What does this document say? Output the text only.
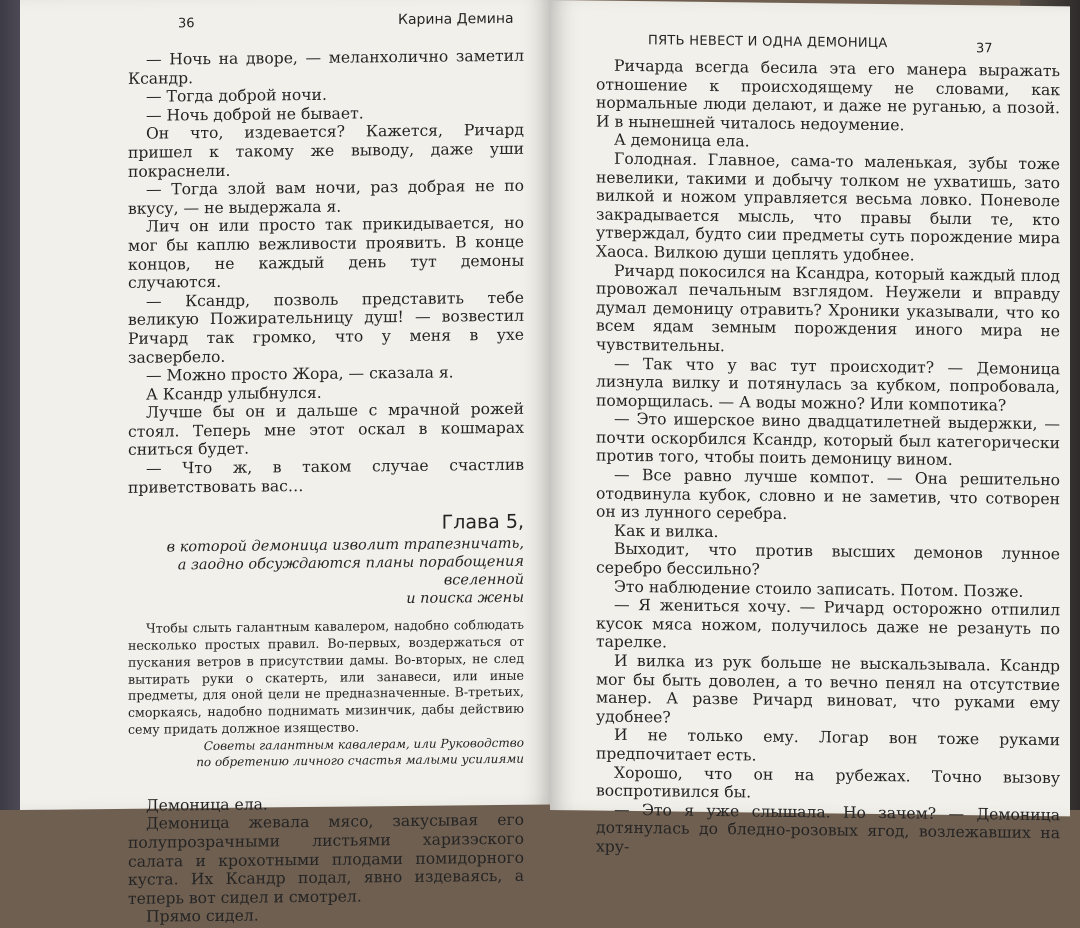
36	Карина Демина

— Ночь на дворе, — меланхолично заметил Ксандр.

— Тогда доброй ночи.

— Ночь доброй не бывает.

Он что, издевается? Кажется, Ричард пришел к такому же выводу, даже уши покраснели.

— Тогда злой вам ночи, раз добрая не по вкусу, — не выдержала я.

Лич он или просто так прикидывается, но мог бы каплю вежливости проявить. В конце концов, не каждый день тут демоны случаются.

— Ксандр, позволь представить тебе великую Пожирательницу душ! — возвестил Ричард так громко, что у меня в ухе засвербело.

— Можно просто Жора, — сказала я.

А Ксандр улыбнулся.

Лучше бы он и дальше с мрачной рожей стоял. Теперь мне этот оскал в кошмарах сниться будет.

— Что ж, в таком случае счастлив приветствовать вас…

Глава 5,
в которой демоница изволит трапезничать,
а заодно обсуждаются планы порабощения вселенной
и поиска жены
Чтобы слыть галантным кавалером, надобно соблюдать несколько простых правил. Во-первых, воздержаться от пускания ветров в присутствии дамы. Во-вторых, не след вытирать руки о скатерть, или занавеси, или иные предметы, для оной цели не предназначенные. В-третьих, сморкаясь, надобно поднимать мизинчик, дабы действию сему придать должное изящество.
Советы галантным кавалерам, или Руководство
по обретению личного счастья малыми усилиями

Демоница ела.

Демоница жевала мясо, закусывая его полупрозрачными листьями харизэского салата и крохотными плодами помидорного куста. Их Ксандр подал, явно издеваясь, а теперь вот сидел и смотрел.

Прямо сидел.

ПЯТЬ НЕВЕСТ И ОДНА ДЕМОНИЦА	37

Ричарда всегда бесила эта его манера выражать отношение к происходящему не словами, как нормальные люди делают, и даже не руганью, а позой. И в нынешней читалось недоумение.

А демоница ела.

Голодная. Главное, сама-то маленькая, зубы тоже невелики, такими и добычу толком не ухватишь, зато вилкой и ножом управляется весьма ловко. Поневоле закрадывается мысль, что правы были те, кто утверждал, будто сии предметы суть порождение мира Хаоса. Вилкою души цеплять удобнее.

Ричард покосился на Ксандра, который каждый плод провожал печальным взглядом. Неужели и вправду думал демоницу отравить? Хроники указывали, что ко всем ядам земным порождения иного мира не чувствительны.

— Так что у вас тут происходит? — Демоница лизнула вилку и потянулась за кубком, попробовала, поморщилась. — А воды можно? Или компотика?

— Это ишерское вино двадцатилетней выдержки, — почти оскорбился Ксандр, который был категорически против того, чтобы поить демоницу вином.

— Все равно лучше компот. — Она решительно отодвинула кубок, словно и не заметив, что сотворен он из лунного серебра.

Как и вилка.

Выходит, что против высших демонов лунное серебро бессильно?

Это наблюдение стоило записать. Потом. Позже.

— Я жениться хочу. — Ричард осторожно отпилил кусок мяса ножом, получилось даже не резануть по тарелке.

И вилка из рук больше не выскальзывала. Ксандр мог бы быть доволен, а то вечно пенял на отсутствие манер. А разве Ричард виноват, что руками ему удобнее?

И не только ему. Логар вон тоже руками предпочитает есть.

Хорошо, что он на рубежах. Точно вызову воспротивился бы.

— Это я уже слышала. Но зачем? — Демоница дотянулась до бледно-розовых ягод, возлежавших на хру-
